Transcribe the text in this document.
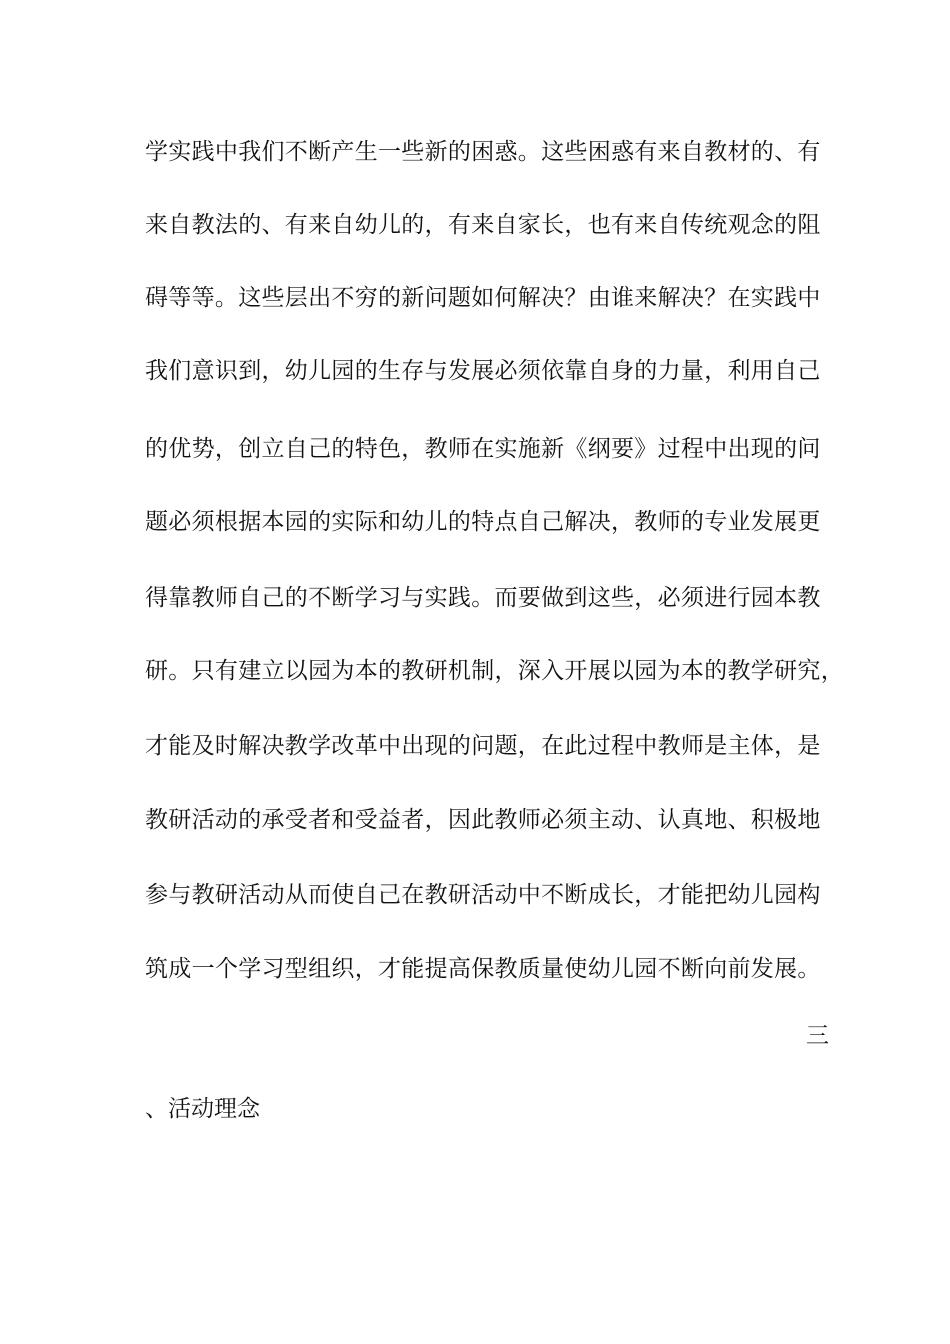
学实践中我们不断产生一些新的困惑。这些困惑有来自教材的、有
来自教法的、有来自幼儿的，有来自家长，也有来自传统观念的阻
碍等等。这些层出不穷的新问题如何解决？由谁来解决？在实践中
我们意识到，幼儿园的生存与发展必须依靠自身的力量，利用自己
的优势，创立自己的特色，教师在实施新《纲要》过程中出现的问
题必须根据本园的实际和幼儿的特点自己解决，教师的专业发展更
得靠教师自己的不断学习与实践。而要做到这些，必须进行园本教
研。只有建立以园为本的教研机制，深入开展以园为本的教学研究，
才能及时解决教学改革中出现的问题，在此过程中教师是主体，是
教研活动的承受者和受益者，因此教师必须主动、认真地、积极地
参与教研活动从而使自己在教研活动中不断成长，才能把幼儿园构
筑成一个学习型组织，才能提高保教质量使幼儿园不断向前发展。
三
、活动理念
